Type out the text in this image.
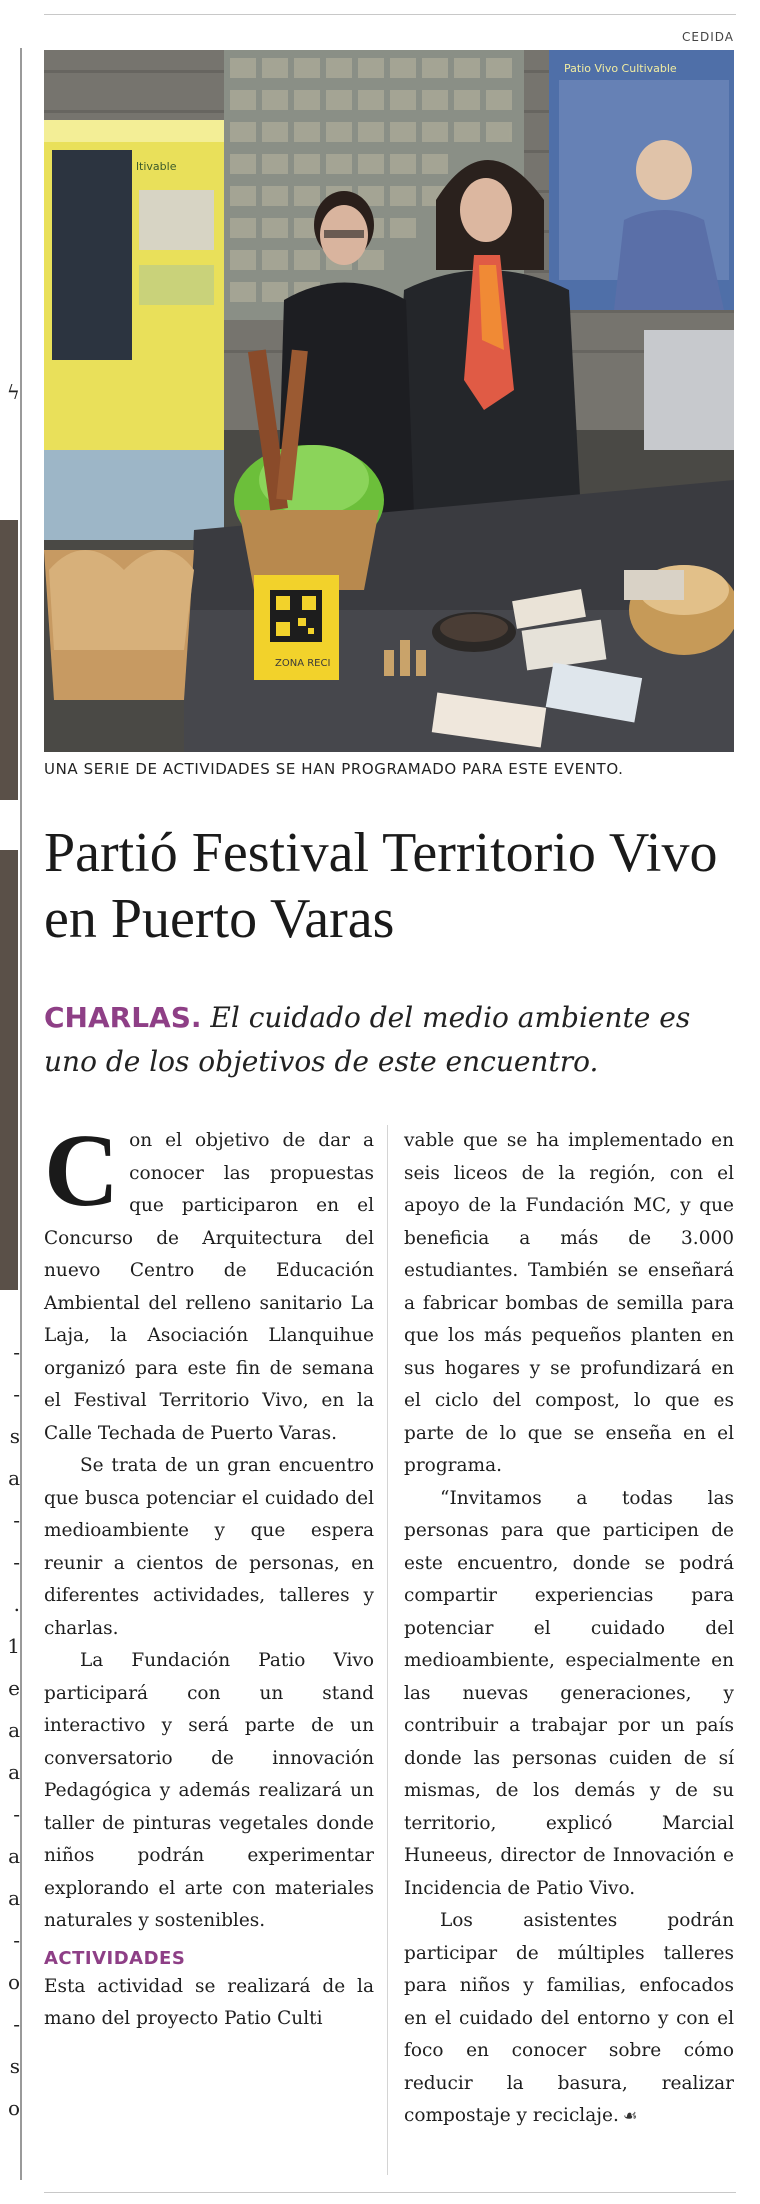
ϟ
-
-
s
a
-
-
.
1
e
a
a
-
a
a
-
o
-
s
o
CEDIDA
ltivable
Patio Vivo Cultivable
ZONA RECI
UNA SERIE DE ACTIVIDADES SE HAN PROGRAMADO PARA ESTE EVENTO.
Partió Festival Territorio Vivo en Puerto Varas
CHARLAS. El cuidado del medio ambiente es uno de los objetivos de este encuentro.

Con el objetivo de dar a conocer las propuestas que participaron en el Concurso de Arquitectura del nuevo Centro de Educación Ambiental del relleno sanitario La Laja, la Asociación Llanquihue organizó para este fin de semana el Festival Territorio Vivo, en la Calle Techada de Puerto Varas.

Se trata de un gran encuentro que busca potenciar el cuidado del medioambiente y que espera reunir a cientos de personas, en diferentes actividades, talleres y charlas.

La Fundación Patio Vivo participará con un stand interactivo y será parte de un conversatorio de innovación Pedagógica y además realizará un taller de pinturas vegetales donde niños podrán experimentar explorando el arte con materiales naturales y sostenibles.

ACTIVIDADES

Esta actividad se realizará de la mano del proyecto Patio Culti

vable que se ha implementado en seis liceos de la región, con el apoyo de la Fundación MC, y que beneficia a más de 3.000 estudiantes. También se enseñará a fabricar bombas de semilla para que los más pequeños planten en sus hogares y se profundizará en el ciclo del compost, lo que es parte de lo que se enseña en el programa.

“Invitamos a todas las personas para que participen de este encuentro, donde se podrá compartir experiencias para potenciar el cuidado del medioambiente, especialmente en las nuevas generaciones, y contribuir a trabajar por un país donde las personas cuiden de sí mismas, de los demás y de su territorio, explicó Marcial Huneeus, director de Innovación e Incidencia de Patio Vivo.

Los asistentes podrán participar de múltiples talleres para niños y familias, enfocados en el cuidado del entorno y con el foco en conocer sobre cómo reducir la basura, realizar compostaje y reciclaje. ☙
